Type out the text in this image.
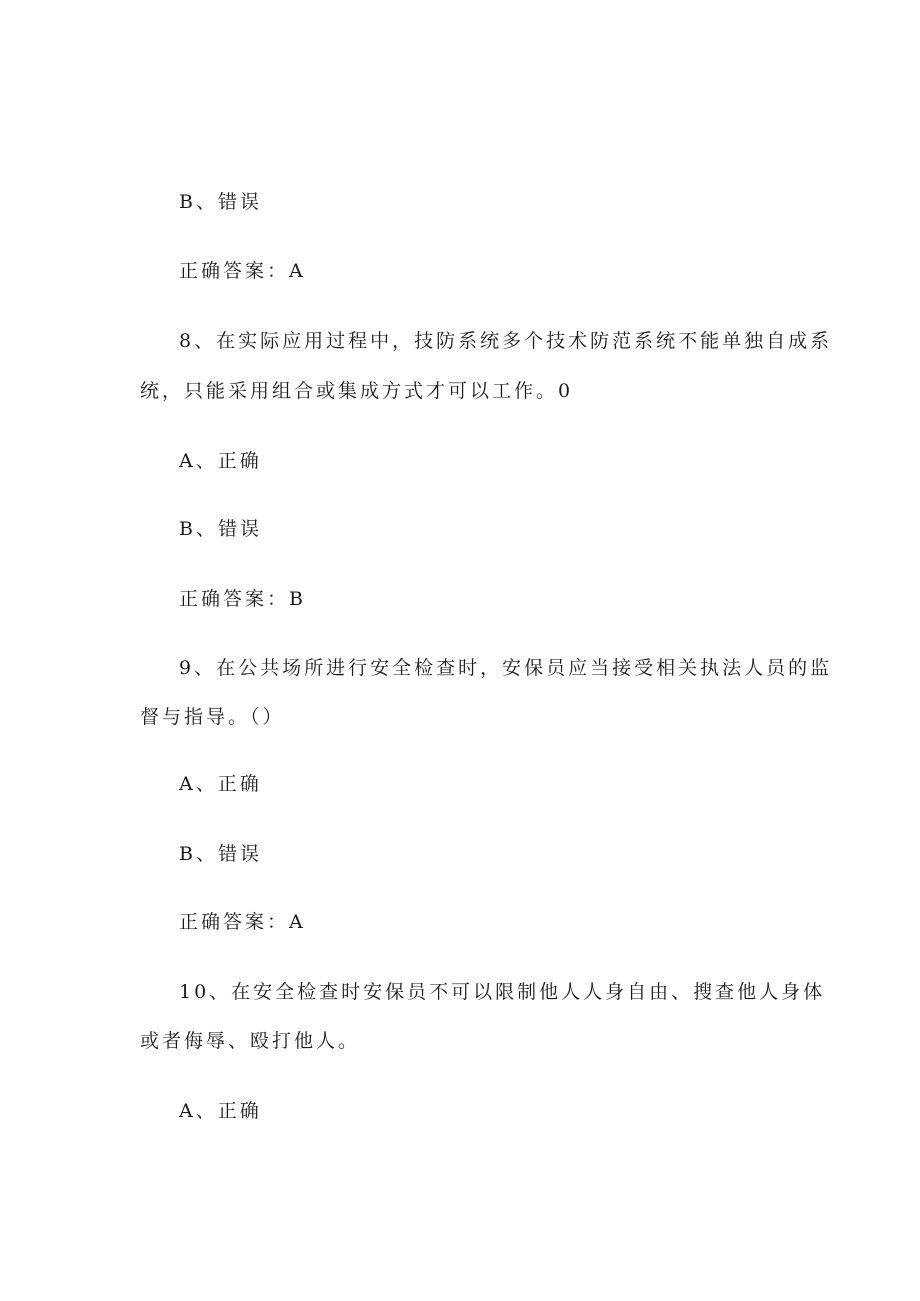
B、错误
正确答案：A
8、在实际应用过程中，技防系统多个技术防范系统不能单独自成系
统，只能采用组合或集成方式才可以工作。0
A、正确
B、错误
正确答案：B
9、在公共场所进行安全检查时，安保员应当接受相关执法人员的监
督与指导。（）
A、正确
B、错误
正确答案：A
10、在安全检查时安保员不可以限制他人人身自由、搜查他人身体
或者侮辱、殴打他人。
A、正确
